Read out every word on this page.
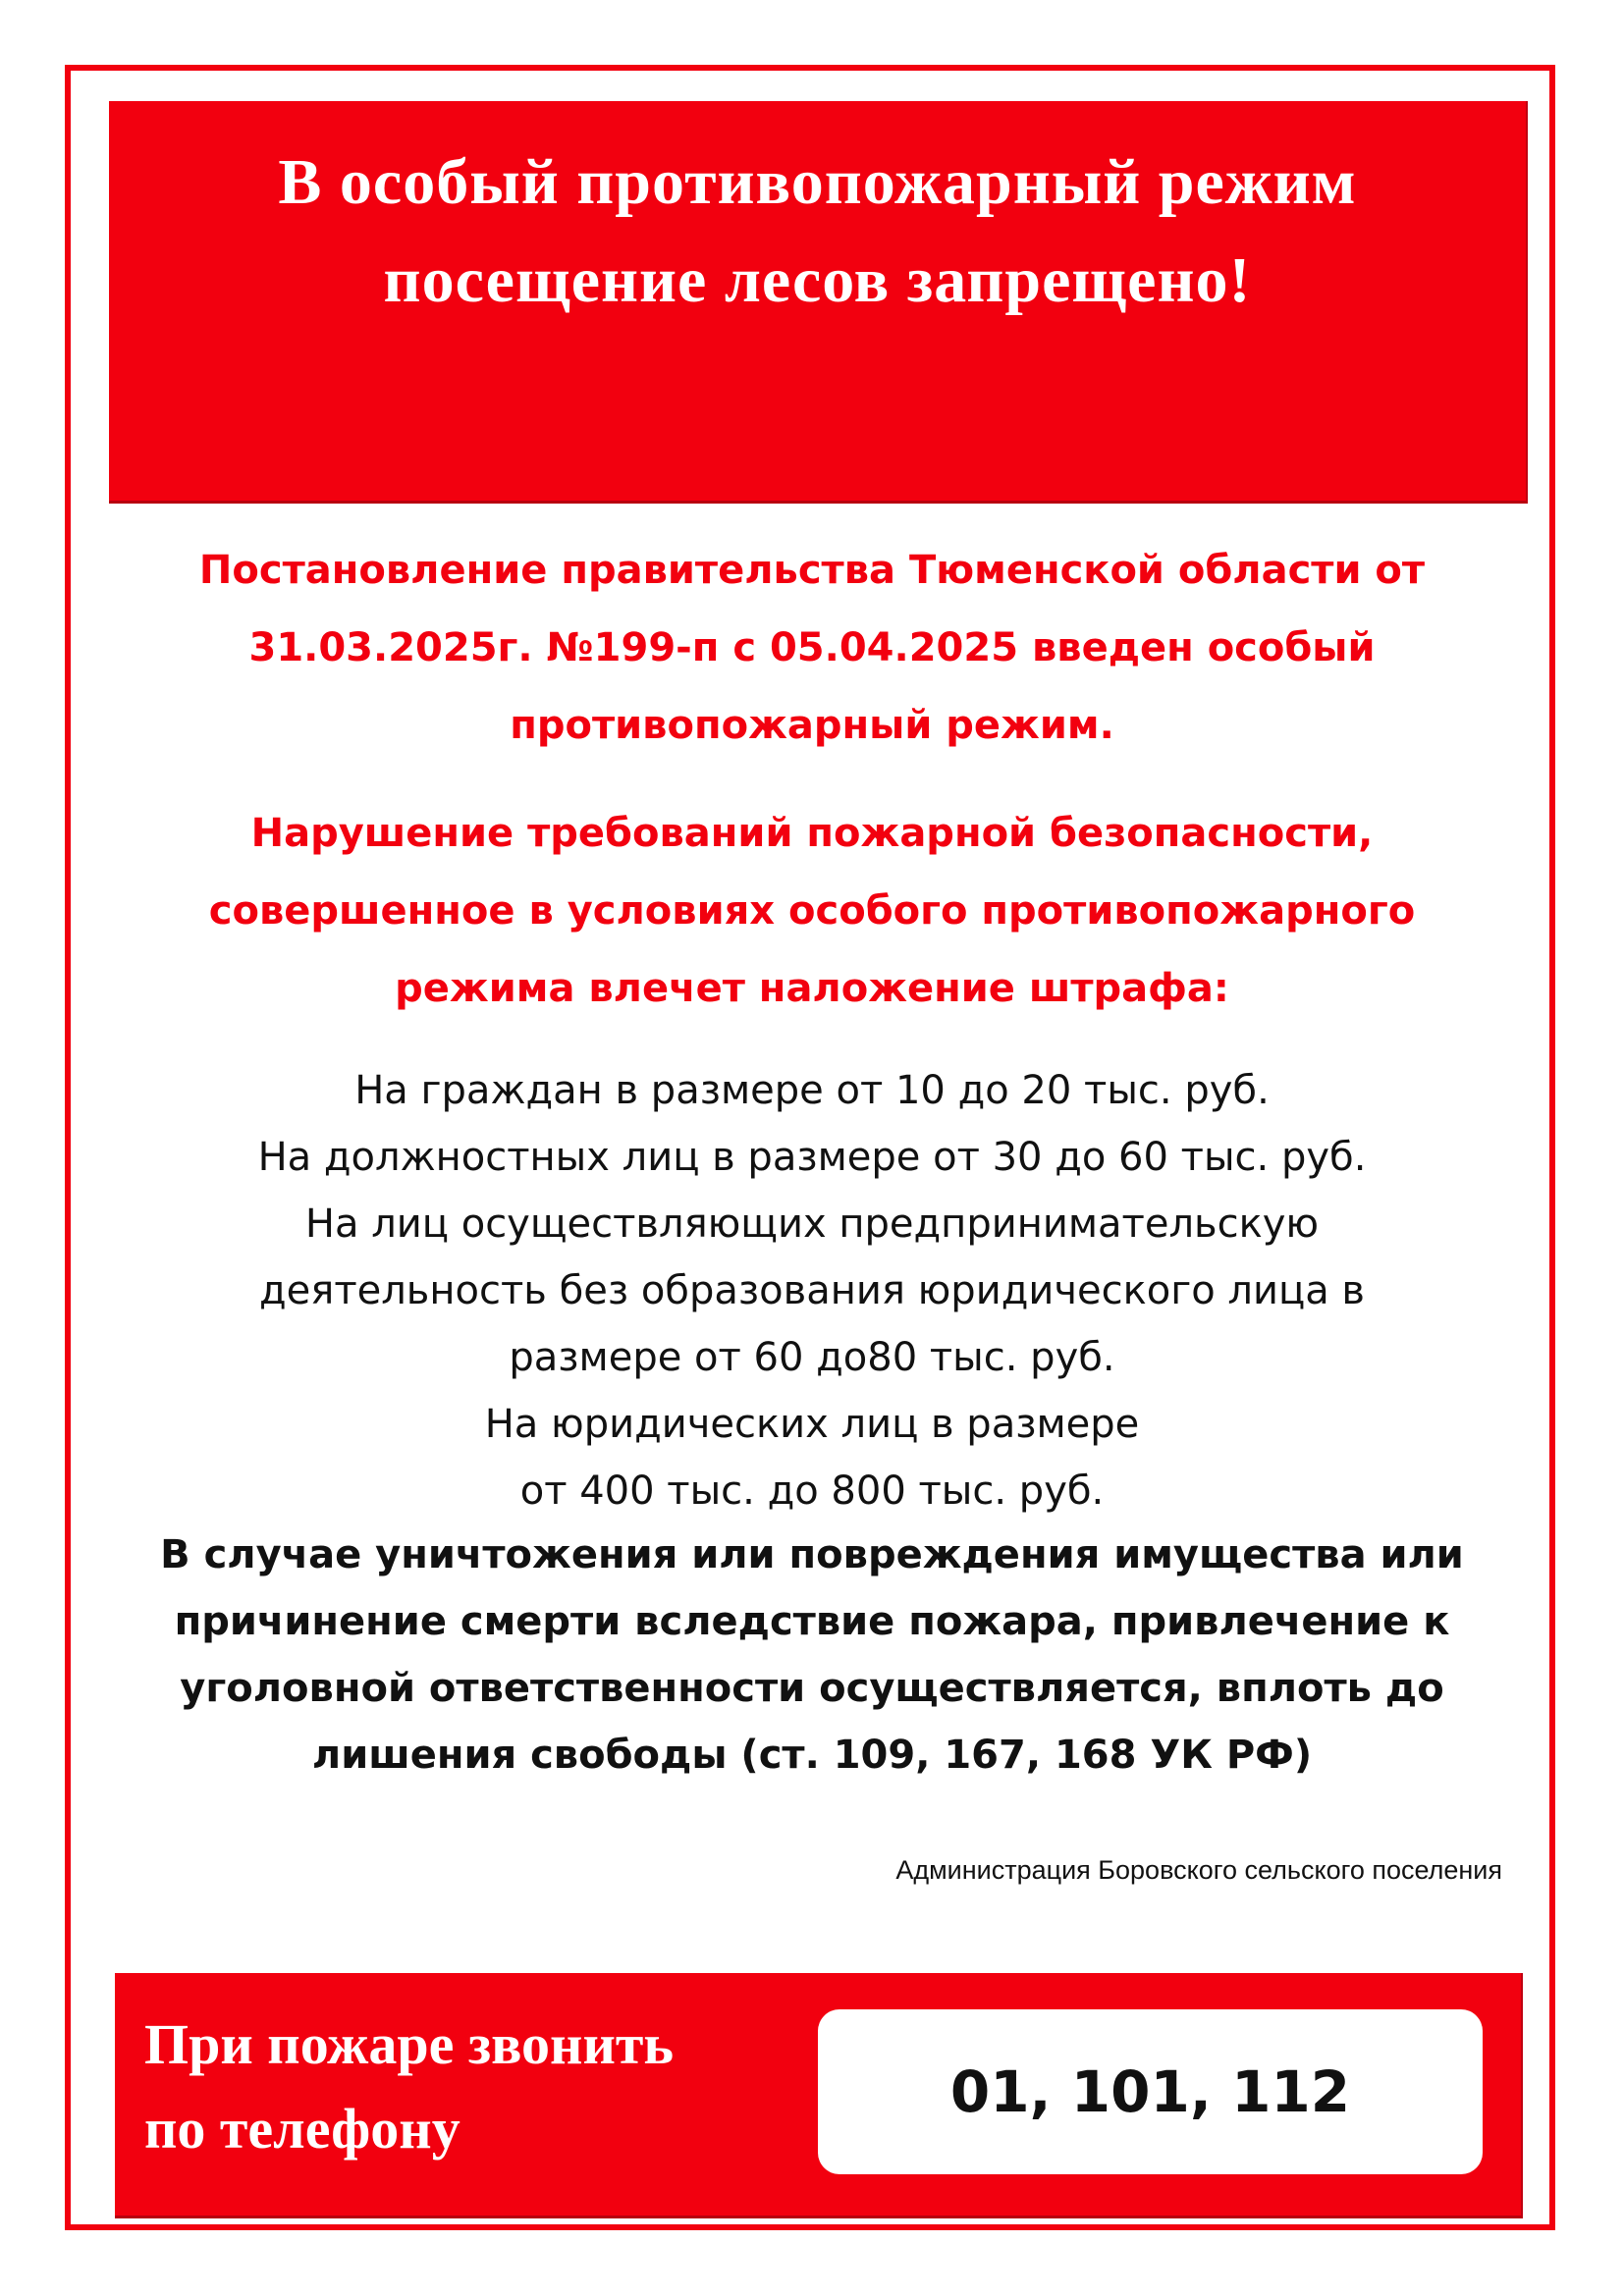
В особый противопожарный режим
посещение лесов запрещено!

Постановление правительства Тюменской области от

31.03.2025г. №199-п с 05.04.2025 введен особый

противопожарный режим.

Нарушение требований пожарной безопасности,

совершенное в условиях особого противопожарного

режима влечет наложение штрафа:

На граждан в размере от 10 до 20 тыс. руб.

На должностных лиц в размере от 30 до 60 тыс. руб.

На лиц осуществляющих предпринимательскую

деятельность без образования юридического лица в

размере от 60 до80 тыс. руб.

На юридических лиц в размере

от 400 тыс. до 800 тыс. руб.

В случае уничтожения или повреждения имущества или

причинение смерти вследствие пожара, привлечение к

уголовной ответственности осуществляется, вплоть до

лишения свободы (ст. 109, 167, 168 УК РФ)

Администрация Боровского сельского поселения

При пожаре звонить

по телефону

01, 101, 112
